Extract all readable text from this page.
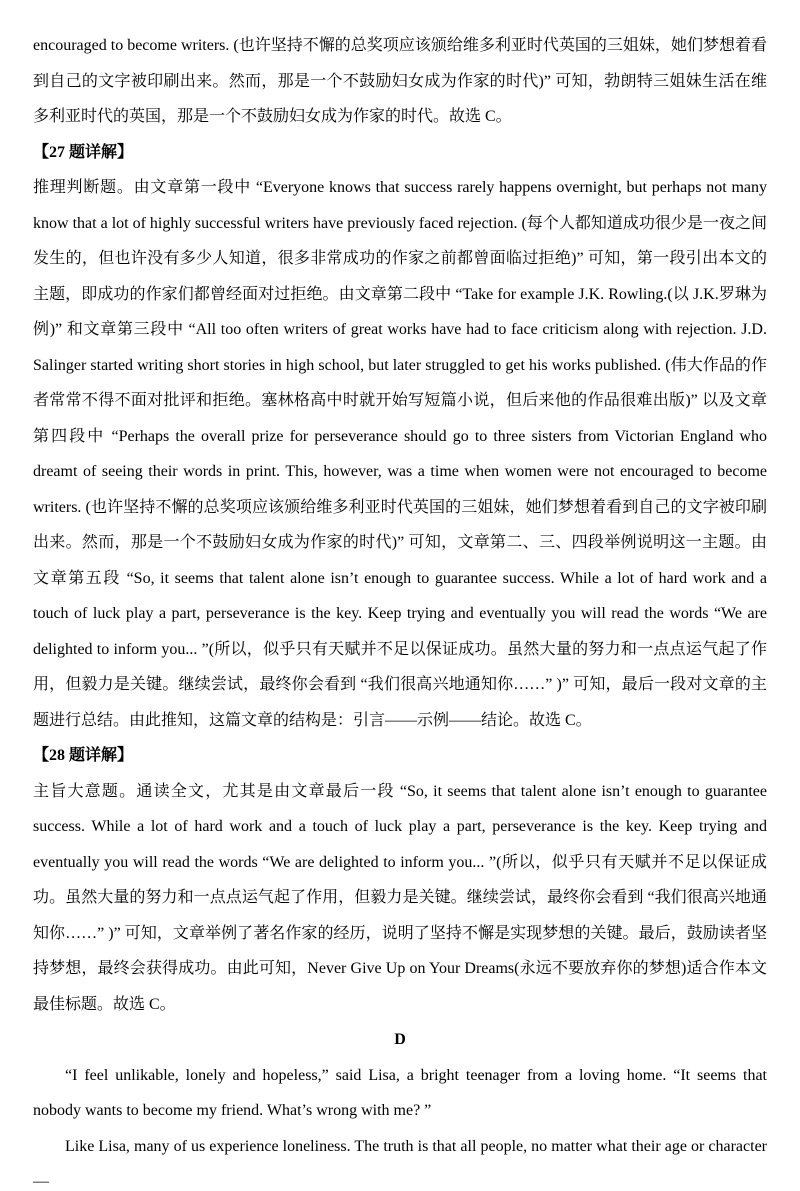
encouraged to become writers. (也许坚持不懈的总奖项应该颁给维多利亚时代英国的三姐妹，她们梦想着看到自己的文字被印刷出来。然而，那是一个不鼓励妇女成为作家的时代)” 可知，勃朗特三姐妹生活在维多利亚时代的英国，那是一个不鼓励妇女成为作家的时代。故选 C。

【27 题详解】

推理判断题。由文章第一段中 “Everyone knows that success rarely happens overnight, but perhaps not many know that a lot of highly successful writers have previously faced rejection. (每个人都知道成功很少是一夜之间发生的，但也许没有多少人知道，很多非常成功的作家之前都曾面临过拒绝)” 可知，第一段引出本文的主题，即成功的作家们都曾经面对过拒绝。由文章第二段中 “Take for example J.K. Rowling.(以 J.K.罗琳为例)” 和文章第三段中 “All too often writers of great works have had to face criticism along with rejection. J.D. Salinger started writing short stories in high school, but later struggled to get his works published. (伟大作品的作者常常不得不面对批评和拒绝。塞林格高中时就开始写短篇小说，但后来他的作品很难出版)” 以及文章第四段中 “Perhaps the overall prize for perseverance should go to three sisters from Victorian England who dreamt of seeing their words in print. This, however, was a time when women were not encouraged to become writers. (也许坚持不懈的总奖项应该颁给维多利亚时代英国的三姐妹，她们梦想着看到自己的文字被印刷出来。然而，那是一个不鼓励妇女成为作家的时代)” 可知，文章第二、三、四段举例说明这一主题。由文章第五段 “So, it seems that talent alone isn’t enough to guarantee success. While a lot of hard work and a touch of luck play a part, perseverance is the key. Keep trying and eventually you will read the words “We are delighted to inform you... ”(所以，似乎只有天赋并不足以保证成功。虽然大量的努力和一点点运气起了作用，但毅力是关键。继续尝试，最终你会看到 “我们很高兴地通知你……” )” 可知，最后一段对文章的主题进行总结。由此推知，这篇文章的结构是：引言——示例——结论。故选 C。

【28 题详解】

主旨大意题。通读全文，尤其是由文章最后一段 “So, it seems that talent alone isn’t enough to guarantee success. While a lot of hard work and a touch of luck play a part, perseverance is the key. Keep trying and eventually you will read the words “We are delighted to inform you... ”(所以，似乎只有天赋并不足以保证成功。虽然大量的努力和一点点运气起了作用，但毅力是关键。继续尝试，最终你会看到 “我们很高兴地通知你……” )” 可知，文章举例了著名作家的经历，说明了坚持不懈是实现梦想的关键。最后，鼓励读者坚持梦想，最终会获得成功。由此可知，Never Give Up on Your Dreams(永远不要放弃你的梦想)适合作本文最佳标题。故选 C。

D

“I feel unlikable, lonely and hopeless,” said Lisa, a bright teenager from a loving home. “It seems that nobody wants to become my friend. What’s wrong with me? ”

Like Lisa, many of us experience loneliness. The truth is that all people, no matter what their age or character —
